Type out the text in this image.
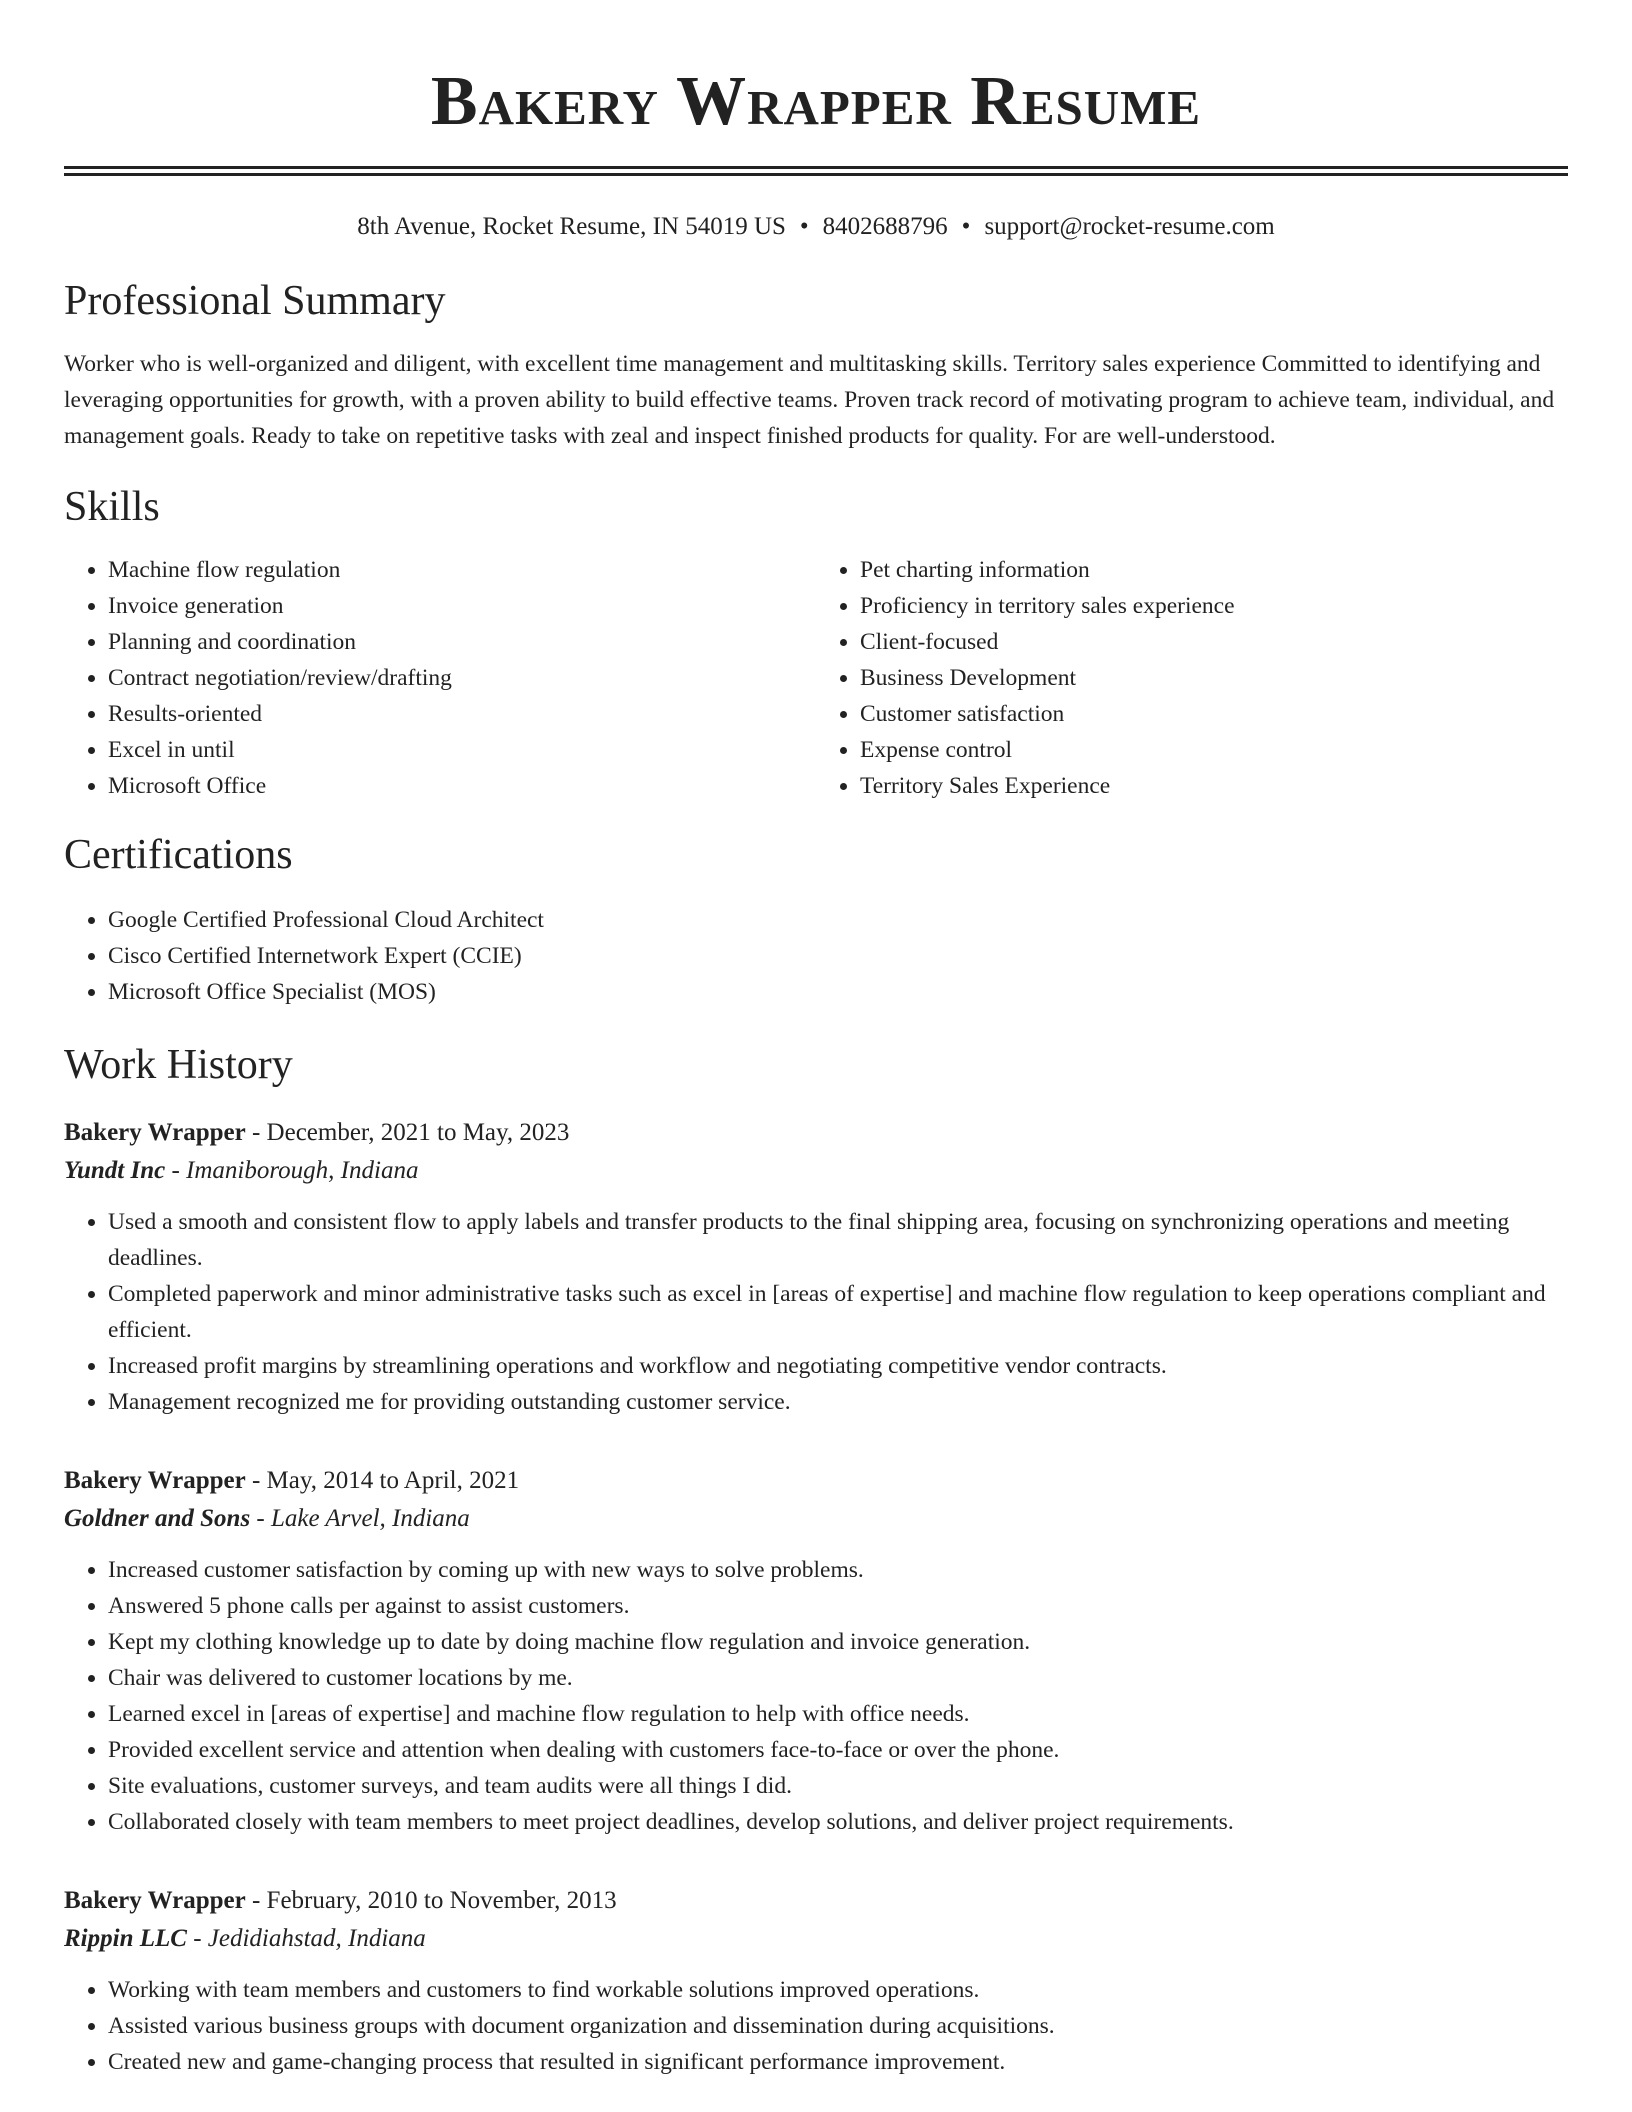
Bakery Wrapper Resume
8th Avenue, Rocket Resume, IN 54019 US • 8402688796 • support@rocket-resume.com
Professional Summary

Worker who is well-organized and diligent, with excellent time management and multitasking skills. Territory sales experience Committed to identifying and leveraging opportunities for growth, with a proven ability to build effective teams. Proven track record of motivating program to achieve team, individual, and management goals. Ready to take on repetitive tasks with zeal and inspect finished products for quality. For are well-understood.

Skills
• Machine flow regulation
• Invoice generation
• Planning and coordination
• Contract negotiation/review/drafting
• Results-oriented
• Excel in until
• Microsoft Office
• Pet charting information
• Proficiency in territory sales experience
• Client-focused
• Business Development
• Customer satisfaction
• Expense control
• Territory Sales Experience
Certifications
• Google Certified Professional Cloud Architect
• Cisco Certified Internetwork Expert (CCIE)
• Microsoft Office Specialist (MOS)
Work History
Bakery Wrapper - December, 2021 to May, 2023
Yundt Inc - Imaniborough, Indiana
• Used a smooth and consistent flow to apply labels and transfer products to the final shipping area, focusing on synchronizing operations and meeting deadlines.
• Completed paperwork and minor administrative tasks such as excel in [areas of expertise] and machine flow regulation to keep operations compliant and efficient.
• Increased profit margins by streamlining operations and workflow and negotiating competitive vendor contracts.
• Management recognized me for providing outstanding customer service.
Bakery Wrapper - May, 2014 to April, 2021
Goldner and Sons - Lake Arvel, Indiana
• Increased customer satisfaction by coming up with new ways to solve problems.
• Answered 5 phone calls per against to assist customers.
• Kept my clothing knowledge up to date by doing machine flow regulation and invoice generation.
• Chair was delivered to customer locations by me.
• Learned excel in [areas of expertise] and machine flow regulation to help with office needs.
• Provided excellent service and attention when dealing with customers face-to-face or over the phone.
• Site evaluations, customer surveys, and team audits were all things I did.
• Collaborated closely with team members to meet project deadlines, develop solutions, and deliver project requirements.
Bakery Wrapper - February, 2010 to November, 2013
Rippin LLC - Jedidiahstad, Indiana
• Working with team members and customers to find workable solutions improved operations.
• Assisted various business groups with document organization and dissemination during acquisitions.
• Created new and game-changing process that resulted in significant performance improvement.
